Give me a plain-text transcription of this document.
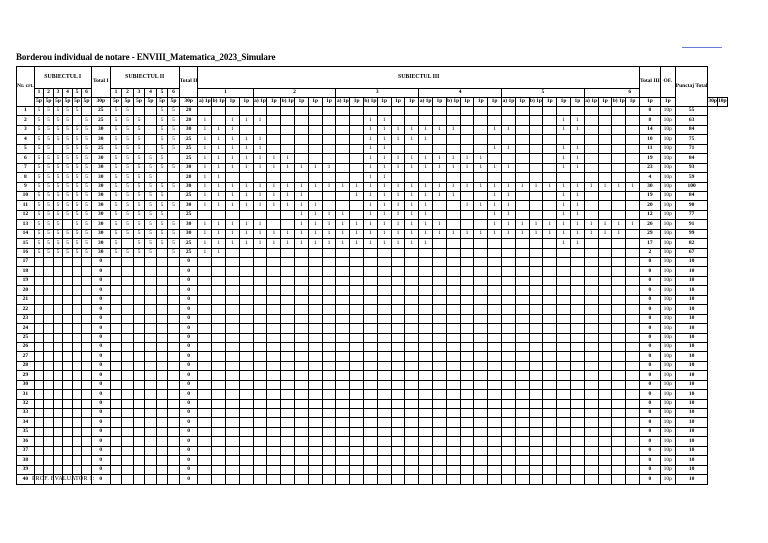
Borderou individual de notare - ENVIII_Matematica_2023_Simulare
Nr. crt.	SUBIECTUL I						Total I	SUBIECTUL II						Total II	SUBIECTUL III																																Total III	OF.	Punctaj Total		
	1	2	3	4	5	6		1	2	3	4	5	6		1				2						3						4						5						6								
	5p	5p	5p	5p	5p	5p	30p	5p	5p	5p	5p	5p	5p	30p	a) 1p	b) 1p	1p	1p	a) 1p	1p	b) 1p	1p	1p	1p	a) 1p	1p	b) 1p	1p	1p	1p	a) 1p	1p	b) 1p	1p	1p	1p	a) 1p	1p	b) 1p	1p	1p	1p	a) 1p	1p	b) 1p	1p	1p	1p		30p	10p
1	5	5	5	5	5		25	5	5			5	5	20																																	0	10p	55		
2	5	5	5	5		5	25	5	5	5		5	5	20	1		1	1	1								1	1													1	1					8	10p	63		
3	5	5	5	5	5	5	30	5	5	5		5	5	30	1	1	1										1	1	1	1	1	1	1			1	1				1	1					14	10p	84		
4	5	5	5	5	5	5	30	5	5	5		5	5	25	1	1	1	1	1								1	1	1	1	1																10	10p	75		
5	5	5		5	5	5	25	5	5	5		5	5	25	1	1	1	1	1								1	1								1	1				1	1					11	10p	71		
6	5	5	5	5	5	5	30	5	5	5	5	5		25	1	1	1	1	1	1	1						1	1	1	1	1	1	1	1	1						1	1					19	10p	84		
7	5	5	5	5	5	5	30	5	5	5	5	5	5	30	1	1	1	1	1	1	1	1	1	1			1	1	1	1	1	1	1	1	1	1	1				1	1					23	10p	93		
8	5	5	5	5	5	5	30	5	5	5	5			20	1	1											1	1																			4	10p	59		
9	5	5	5	5	5	5	30	5	5	5	5	5	5	30	1	1	1	1	1	1	1	1	1	1	1	1	1	1	1	1	1	1	1	1	1	1	1	1	1	1	1	1	1	1	1	1	30	10p	100		
10	5	5	5	5	5	5	30	5	5	5	5	5		25	1	1	1	1	1	1	1	1				1	1	1	1	1	1	1	1			1	1				1	1					19	10p	84		
11	5	5	5	5	5	5	30	5	5	5	5	5	5	30	1	1	1	1	1	1	1	1	1				1	1	1	1	1			1	1	1	1				1	1					20	10p	90		
12	5	5	5	5	5	5	30	5	5	5	5	5		25								1	1	1	1		1	1	1	1	1					1	1				1	1					12	10p	77		
13	5	5	5		5	5	30	5	5	5	5	5	5	30	1	1	1	1	1			1	1	1	1	1	1	1	1	1	1	1				1	1	1	1	1	1	1	1	1	1	1	26	10p	91		
14	5	5	5	5	5	5	30	5	5	5	5	5	5	30	1	1	1	1	1	1	1	1	1	1	1	1	1	1	1	1	1	1	1	1	1	1	1	1	1	1	1	1	1	1	1		29	10p	99		
15	5	5	5	5	5	5	30	5		5	5	5	5	25	1	1	1	1	1	1	1	1	1	1	1	1	1	1	1	1	1										1	1					17	10p	82		
16	5	5	5	5	5	5	30	5	5	5	5		5	25	1	1																															2	10p	67		
17							0							0																																	0	10p	10		
18							0							0																																	0	10p	10		
19							0							0																																	0	10p	10		
20							0							0																																	0	10p	10		
21							0							0																																	0	10p	10		
22							0							0																																	0	10p	10		
23							0							0																																	0	10p	10		
24							0							0																																	0	10p	10		
25							0							0																																	0	10p	10		
26							0							0																																	0	10p	10		
27							0							0																																	0	10p	10		
28							0							0																																	0	10p	10		
29							0							0																																	0	10p	10		
30							0							0																																	0	10p	10		
31							0							0																																	0	10p	10		
32							0							0																																	0	10p	10		
33							0							0																																	0	10p	10		
34							0							0																																	0	10p	10		
35							0							0																																	0	10p	10		
36							0							0																																	0	10p	10		
37							0							0																																	0	10p	10		
38							0							0																																	0	10p	10		
39							0							0																																	0	10p	10		
40							0							0																																	0	10p	10		
PROF. EVALUATOR 1:
